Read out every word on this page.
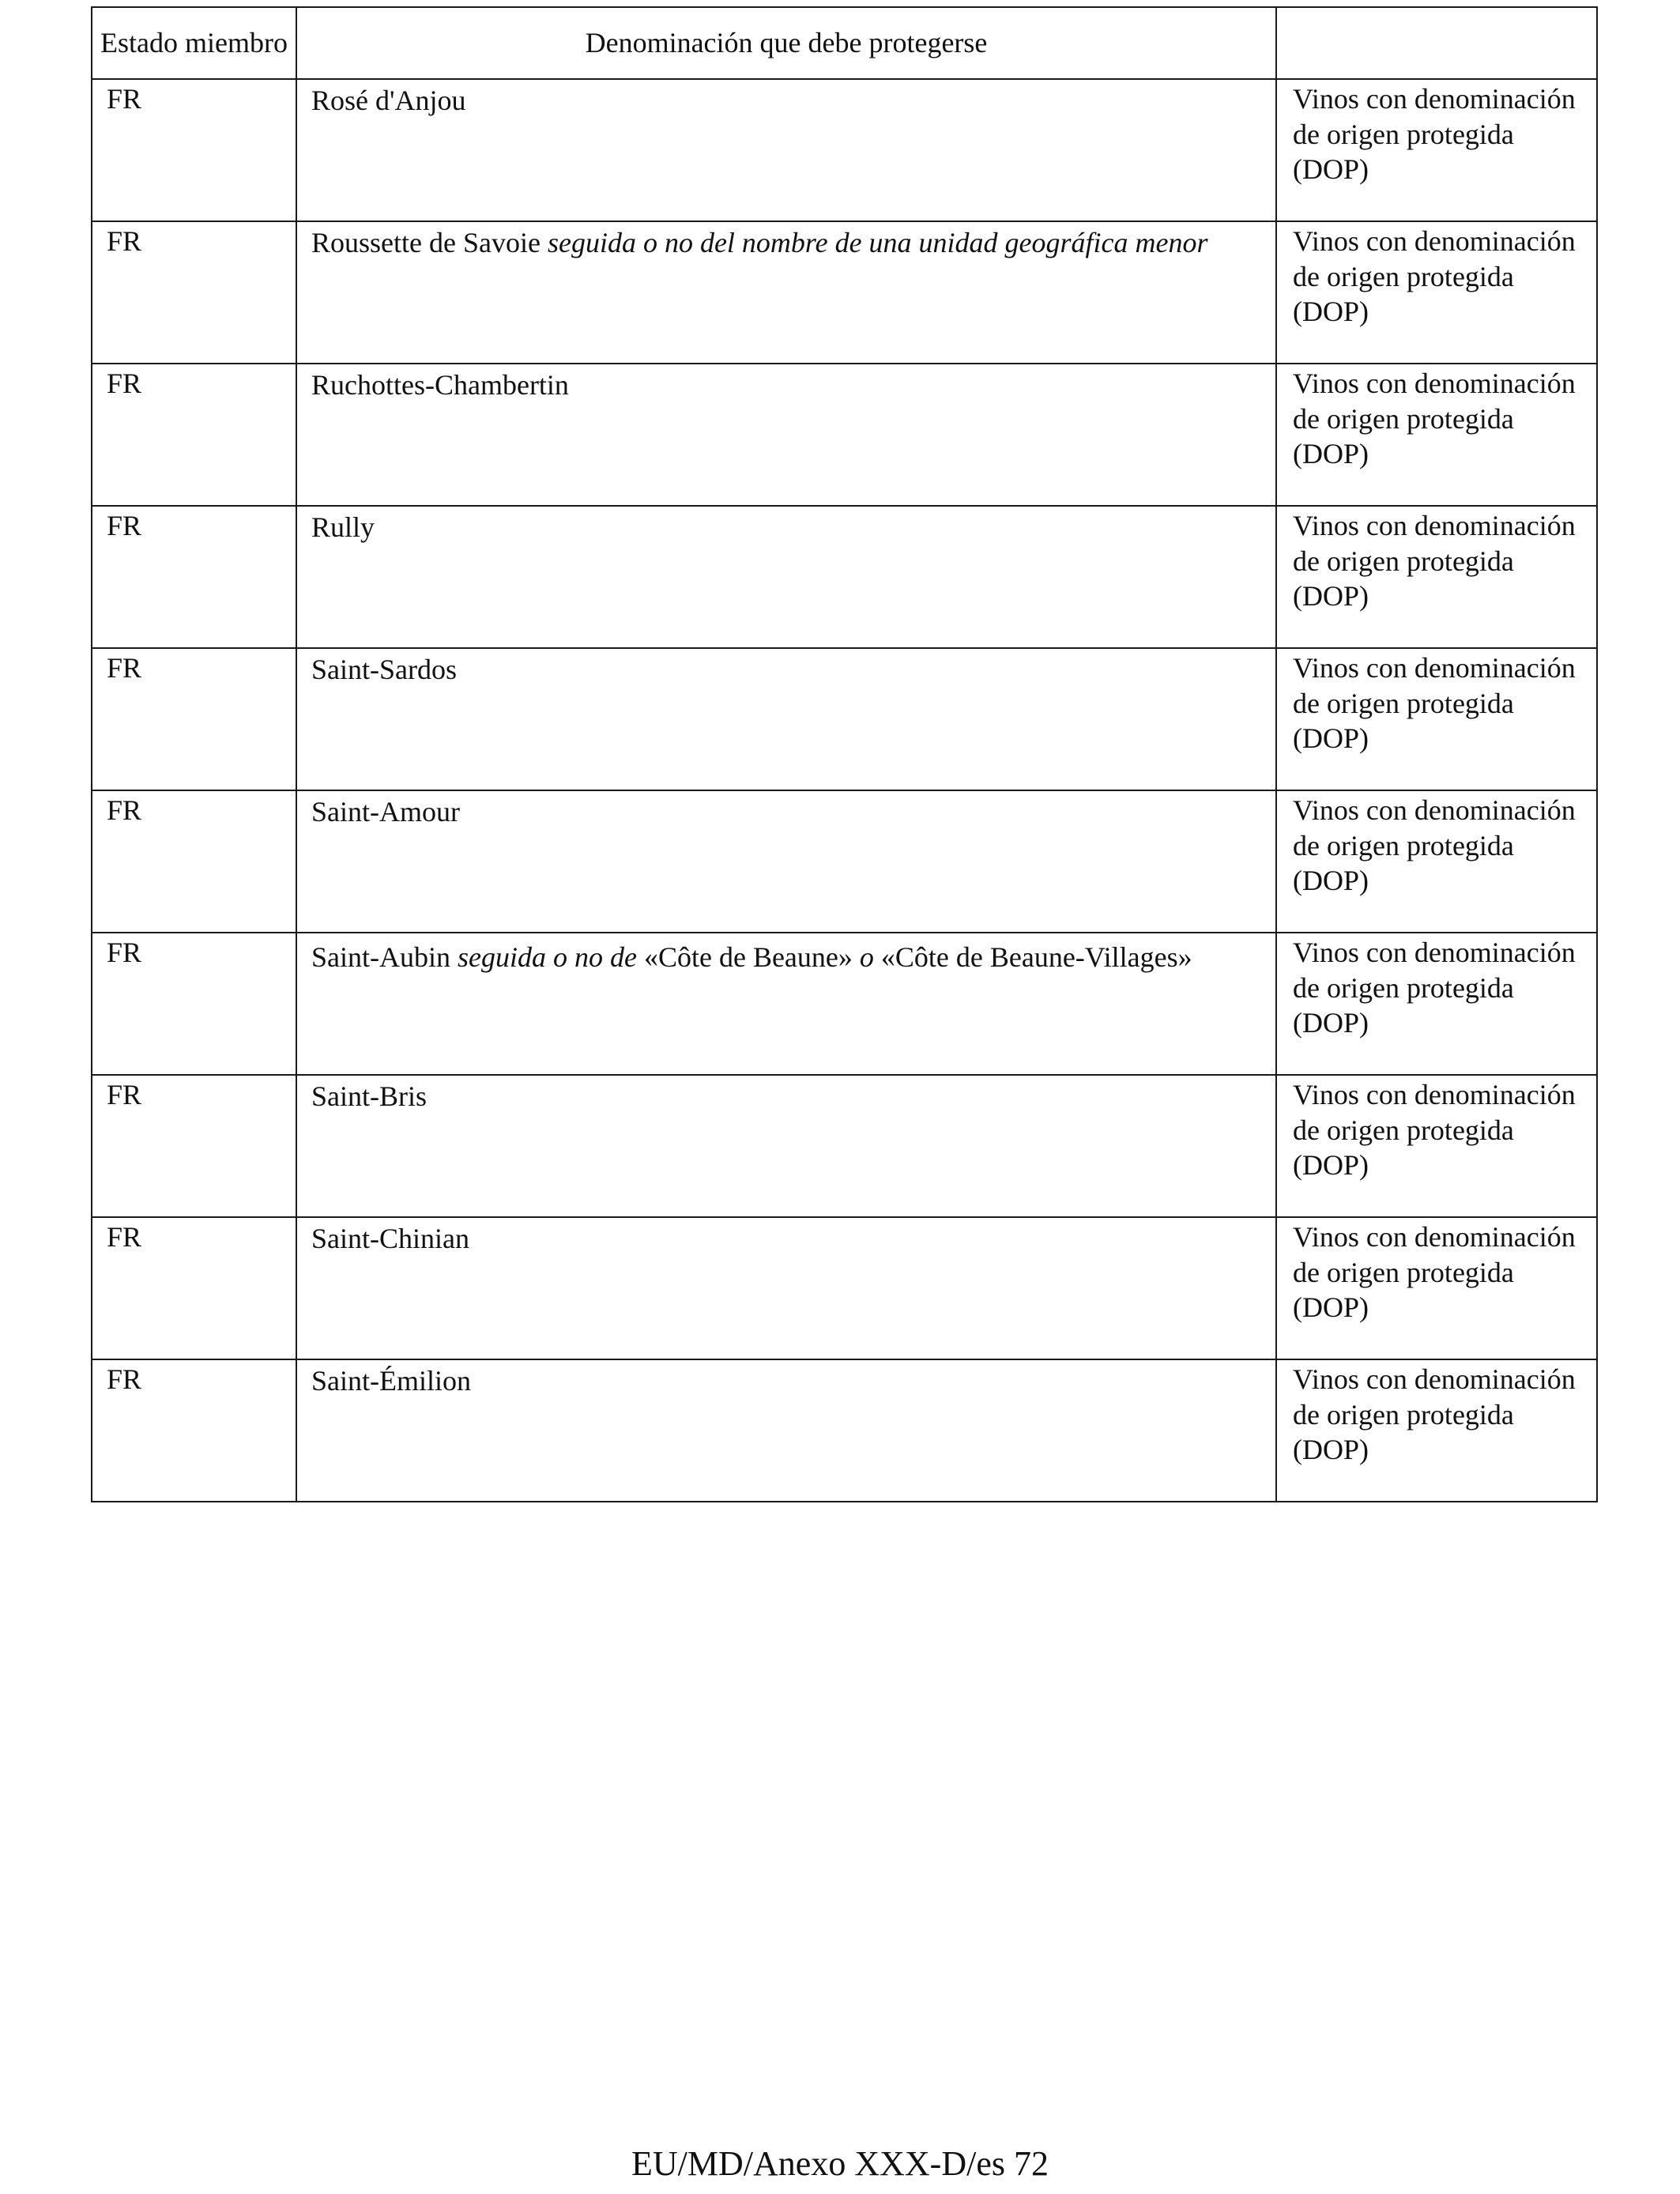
Estado miembro	Denominación que debe protegerse	
FR	Rosé d'Anjou	Vinos con denominación de origen protegida (DOP)
FR	Roussette de Savoie seguida o no del nombre de una unidad geográfica menor	Vinos con denominación de origen protegida (DOP)
FR	Ruchottes-Chambertin	Vinos con denominación de origen protegida (DOP)
FR	Rully	Vinos con denominación de origen protegida (DOP)
FR	Saint-Sardos	Vinos con denominación de origen protegida (DOP)
FR	Saint-Amour	Vinos con denominación de origen protegida (DOP)
FR	Saint-Aubin seguida o no de «Côte de Beaune» o «Côte de Beaune-Villages»	Vinos con denominación de origen protegida (DOP)
FR	Saint-Bris	Vinos con denominación de origen protegida (DOP)
FR	Saint-Chinian	Vinos con denominación de origen protegida (DOP)
FR	Saint-Émilion	Vinos con denominación de origen protegida (DOP)
EU/MD/Anexo XXX-D/es 72
